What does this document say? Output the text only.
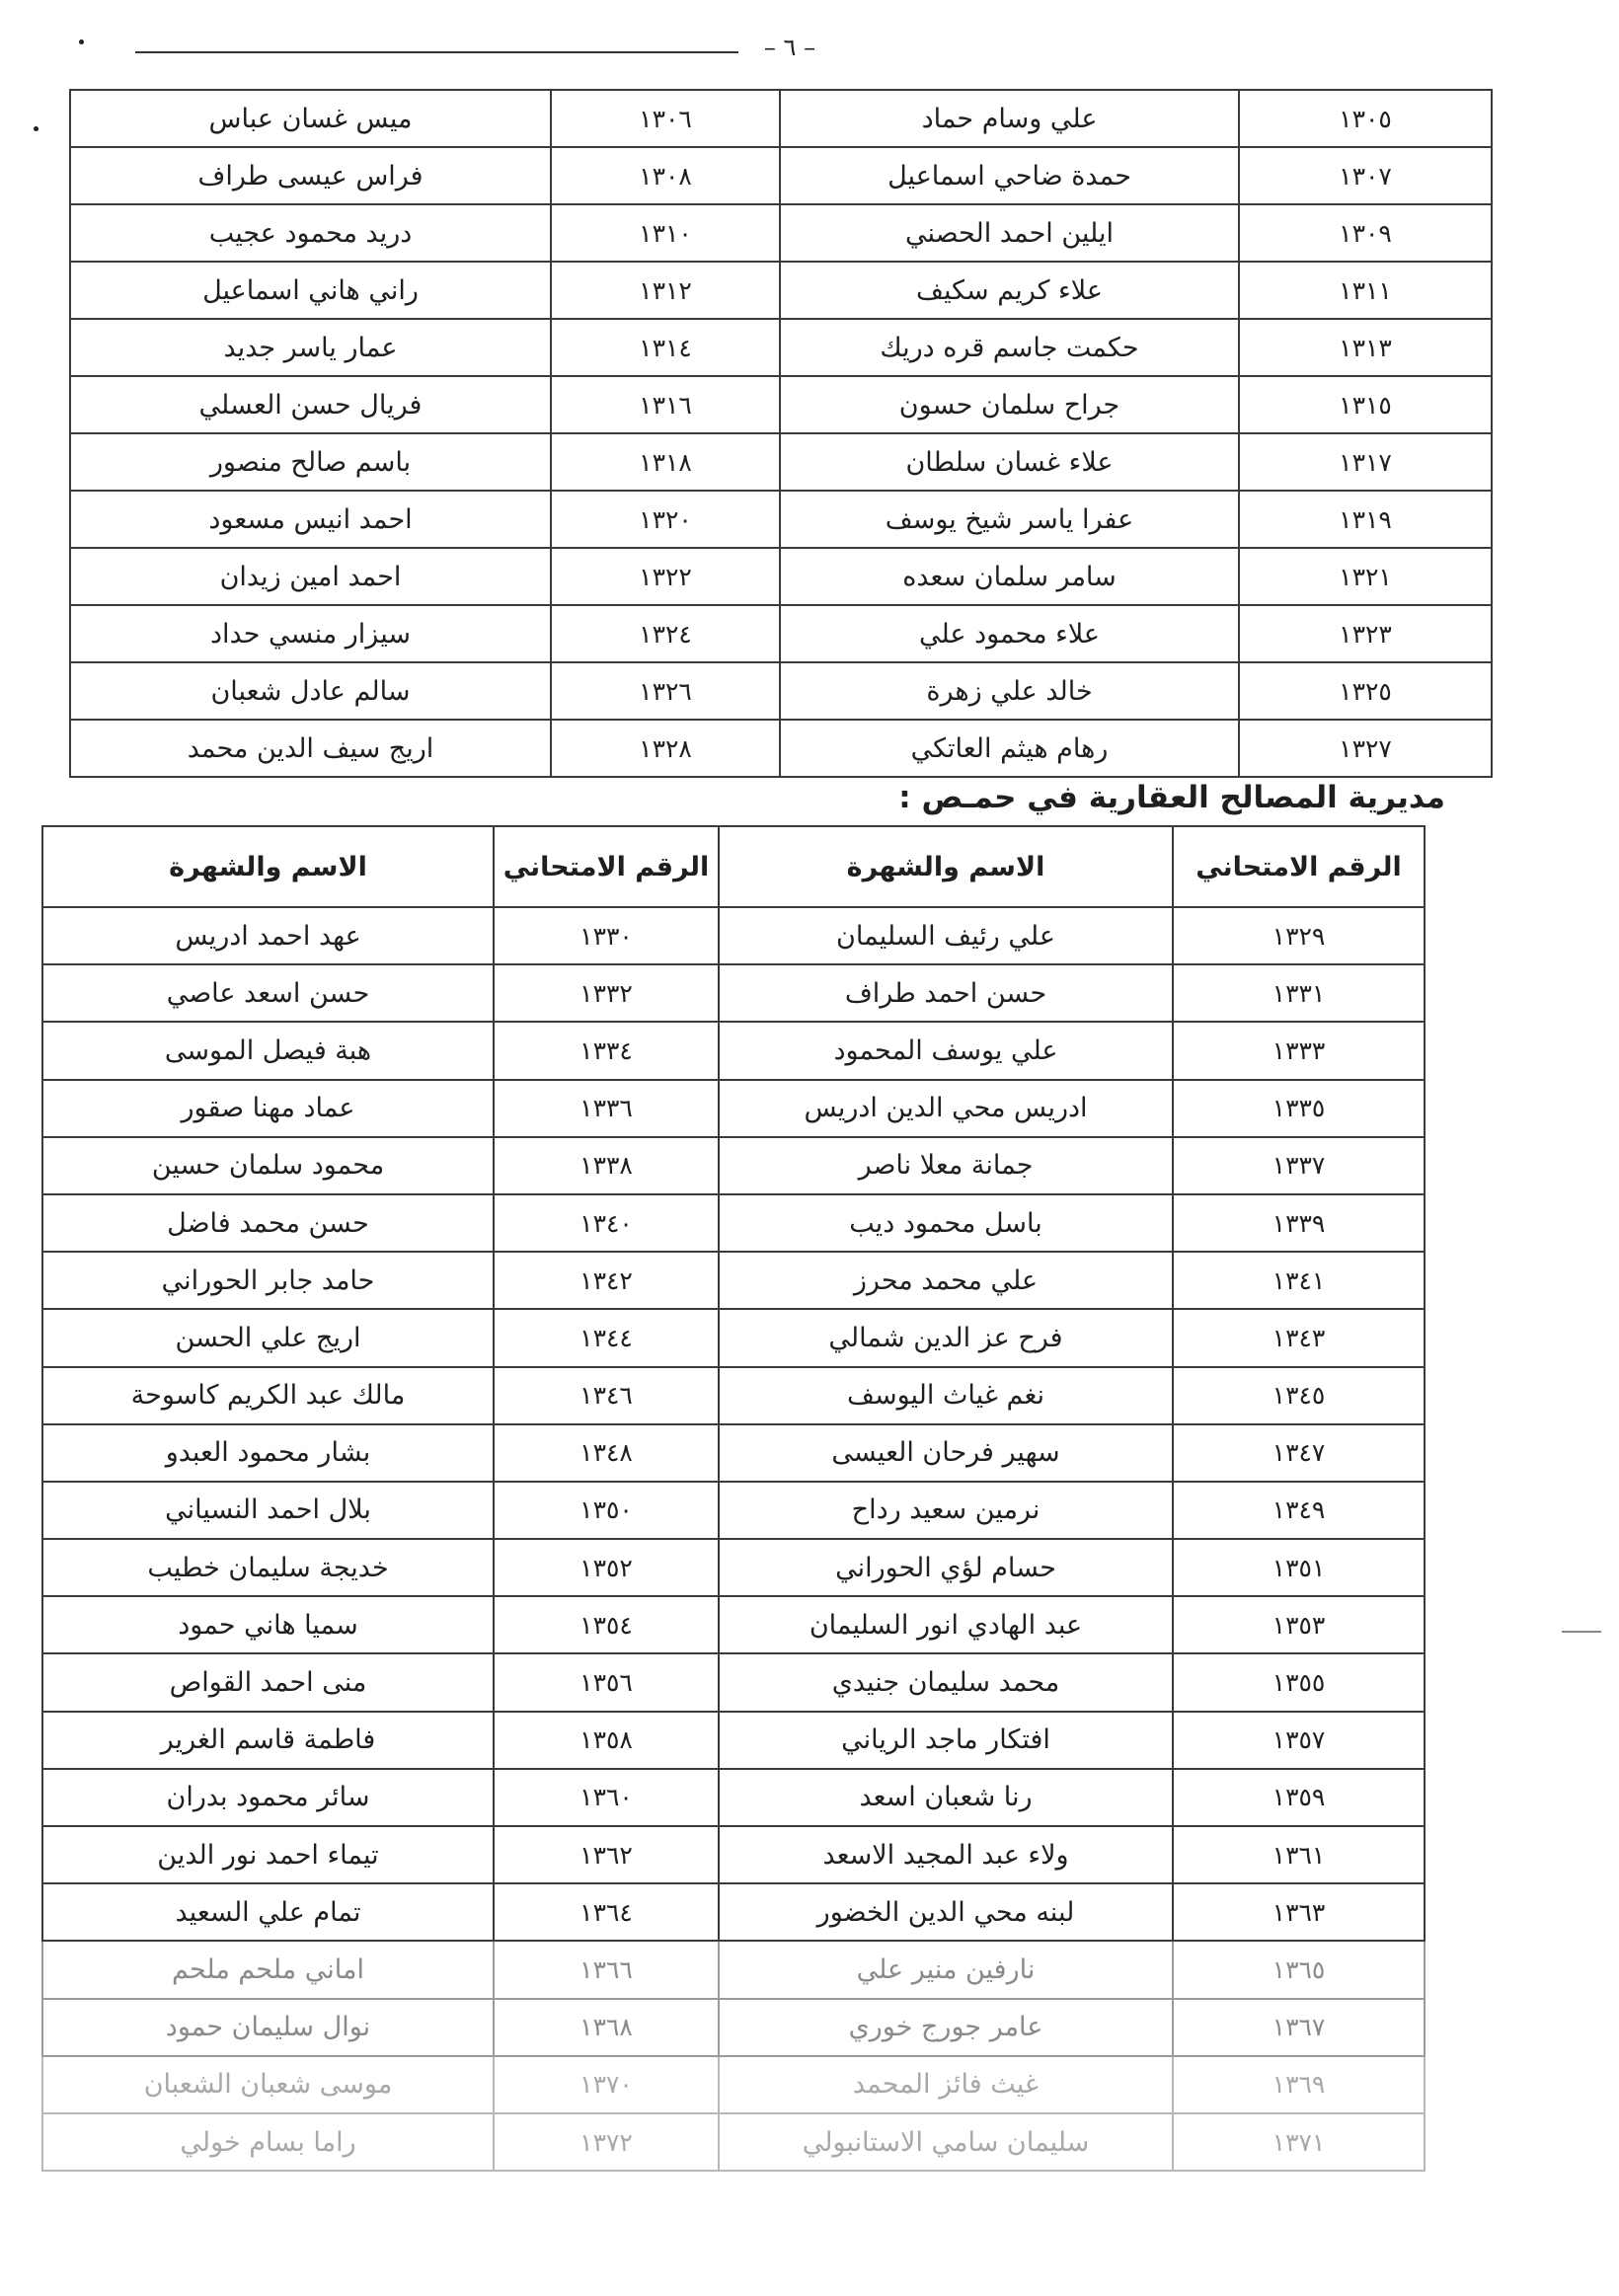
١٣٠٥	علي وسام حماد	١٣٠٦	ميس غسان عباس
١٣٠٧	حمدة ضاحي اسماعيل	١٣٠٨	فراس عيسى طراف
١٣٠٩	ايلين احمد الحصني	١٣١٠	دريد محمود عجيب
١٣١١	علاء كريم سكيف	١٣١٢	راني هاني اسماعيل
١٣١٣	حكمت جاسم قره دريك	١٣١٤	عمار ياسر جديد
١٣١٥	جراح سلمان حسون	١٣١٦	فريال حسن العسلي
١٣١٧	علاء غسان سلطان	١٣١٨	باسم صالح منصور
١٣١٩	عفرا ياسر شيخ يوسف	١٣٢٠	احمد انيس مسعود
١٣٢١	سامر سلمان سعده	١٣٢٢	احمد امين زيدان
١٣٢٣	علاء محمود علي	١٣٢٤	سيزار منسي حداد
١٣٢٥	خالد علي زهرة	١٣٢٦	سالم عادل شعبان
١٣٢٧	رهام هيثم العاتكي	١٣٢٨	اريج سيف الدين محمد
– ٦ –
مديرية المصالح العقارية في حمـص :
الرقم الامتحاني	الاسم والشهرة	الرقم الامتحاني	الاسم والشهرة
١٣٢٩	علي رئيف السليمان	١٣٣٠	عهد احمد ادريس
١٣٣١	حسن احمد طراف	١٣٣٢	حسن اسعد عاصي
١٣٣٣	علي يوسف المحمود	١٣٣٤	هبة فيصل الموسى
١٣٣٥	ادريس محي الدين ادريس	١٣٣٦	عماد مهنا صقور
١٣٣٧	جمانة معلا ناصر	١٣٣٨	محمود سلمان حسين
١٣٣٩	باسل محمود ديب	١٣٤٠	حسن محمد فاضل
١٣٤١	علي محمد محرز	١٣٤٢	حامد جابر الحوراني
١٣٤٣	فرح عز الدين شمالي	١٣٤٤	اريج علي الحسن
١٣٤٥	نغم غياث اليوسف	١٣٤٦	مالك عبد الكريم كاسوحة
١٣٤٧	سهير فرحان العيسى	١٣٤٨	بشار محمود العبدو
١٣٤٩	نرمين سعيد رداح	١٣٥٠	بلال احمد النسياني
١٣٥١	حسام لؤي الحوراني	١٣٥٢	خديجة سليمان خطيب
١٣٥٣	عبد الهادي انور السليمان	١٣٥٤	سميا هاني حمود
١٣٥٥	محمد سليمان جنيدي	١٣٥٦	منى احمد القواص
١٣٥٧	افتكار ماجد الرياني	١٣٥٨	فاطمة قاسم الغرير
١٣٥٩	رنا شعبان اسعد	١٣٦٠	سائر محمود بدران
١٣٦١	ولاء عبد المجيد الاسعد	١٣٦٢	تيماء احمد نور الدين
١٣٦٣	لبنه محي الدين الخضور	١٣٦٤	تمام علي السعيد
١٣٦٥	نارفين منير علي	١٣٦٦	اماني ملحم ملحم
١٣٦٧	عامر جورج خوري	١٣٦٨	نوال سليمان حمود
١٣٦٩	غيث فائز المحمد	١٣٧٠	موسى شعبان الشعبان
١٣٧١	سليمان سامي الاستانبولي	١٣٧٢	راما بسام خولي
